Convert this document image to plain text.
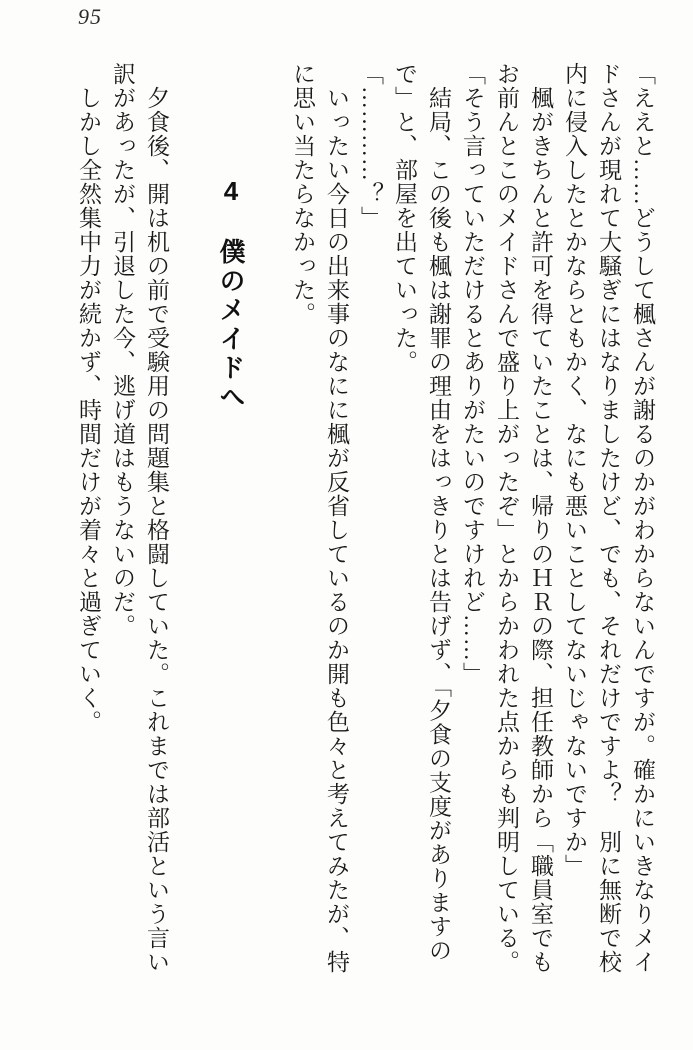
95

「ええと……どうして楓さんが謝るのかがわからないんですが。確かにいきなりメイ

ドさんが現れて大騒ぎにはなりましたけど、でも、それだけですよ？　別に無断で校

内に侵入したとかならともかく、なにも悪いことしてないじゃないですか」

　楓がきちんと許可を得ていたことは、帰りのＨＲの際、担任教師から「職員室でも

お前んとこのメイドさんで盛り上がったぞ」とからかわれた点からも判明している。

「そう言っていただけるとありがたいのですけれど……」

　結局、この後も楓は謝罪の理由をはっきりとは告げず、「夕食の支度がありますの

で」と、部屋を出ていった。

「…………？」

　いったい今日の出来事のなにに楓が反省しているのか開も色々と考えてみたが、特

に思い当たらなかった。

4　僕のメイドへ

　夕食後、開は机の前で受験用の問題集と格闘していた。これまでは部活という言い

訳があったが、引退した今、逃げ道はもうないのだ。

　しかし全然集中力が続かず、時間だけが着々と過ぎていく。
